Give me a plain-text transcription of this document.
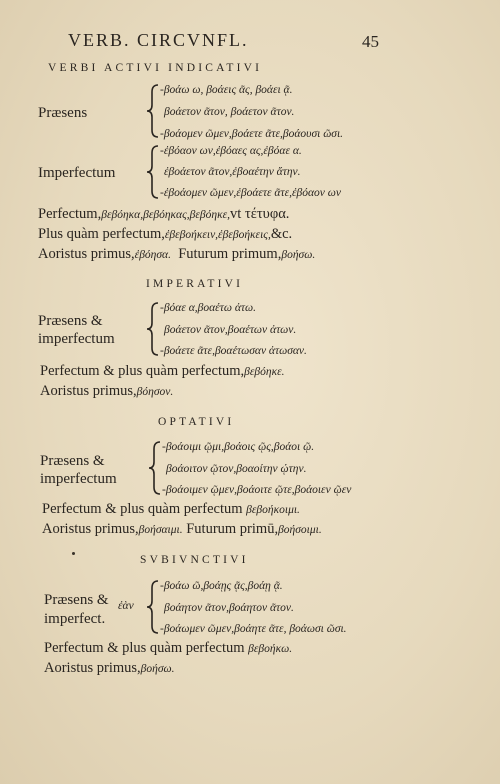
VERB. CIRCVNFL.	45
VERBI ACTIVI INDICATIVI
Præsens
-βοάω ω, βοάεις ᾶς, βοάει ᾷ.
βοάετον ᾶτον, βοάετον ᾶτον.
-βοάομεν ῶμεν,βοάετε ᾶτε,βοάουσι ῶσι.
Imperfectum
-ἐβόαον ων,ἐβόαες ας,ἐβόαε α.
ἐβοάετον ᾶτον,ἐβοαέτην ἄτην.
-ἐβοάομεν ῶμεν,ἐβοάετε ᾶτε,ἐβόαον ων
Perfectum,βεβόηκα,βεβόηκας,βεβόηκε,vt τέτυφα.
Plus quàm perfectum,ἐβεβοήκειν,ἐβεβοήκεις,&c.
Aoristus primus,ἐβόησα. Futurum primum,βοήσω.
IMPERATIVI
Præsens &
imperfectum
-βόαε α,βοαέτω ἀτω.
βοάετον ᾶτον,βοαέτων ἀτων.
-βοάετε ᾶτε,βοαέτωσαν ἀτωσαν.
Perfectum & plus quàm perfectum,βεβόηκε.
Aoristus primus,βόησον.
OPTATIVI
Præsens &
imperfectum
-βοάοιμι ῷμι,βοάοις ῷς,βοάοι ῷ.
βοάοιτον ῷτον,βοαοίτην ῴτην.
-βοάοιμεν ῷμεν,βοάοιτε ῷτε,βοάοιεν ῷεν
Perfectum & plus quàm perfectum βεβοήκοιμι.
Aoristus primus,βοήσαιμι. Futurum primū,βοήσοιμι.
SVBIVNCTIVI
Præsens &
imperfect.
ἐὰν
-βοάω ῶ,βοάῃς ᾷς,βοάῃ ᾷ.
βοάητον ᾶτον,βοάητον ᾶτον.
-βοάωμεν ῶμεν,βοάητε ᾶτε, βοάωσι ῶσι.
Perfectum & plus quàm perfectum βεβοήκω.
Aoristus primus,βοήσω.
